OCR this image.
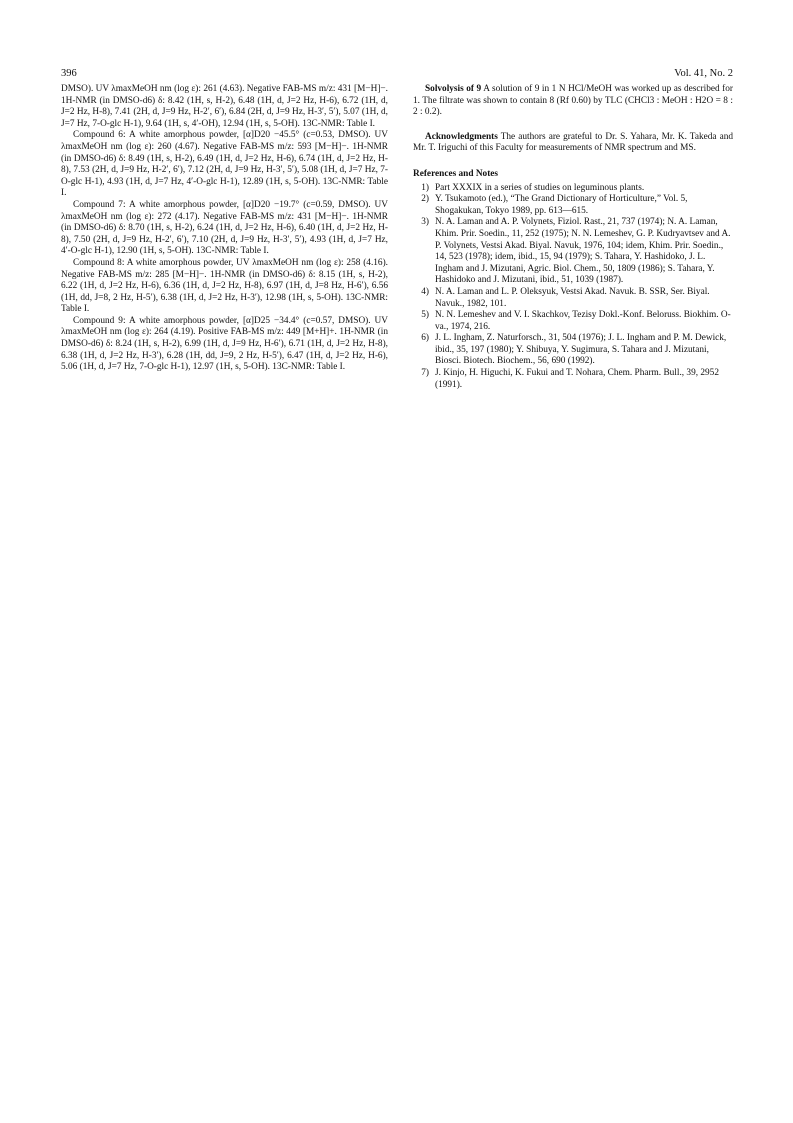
396	Vol. 41, No. 2

DMSO). UV λmaxMeOH nm (log ε): 261 (4.63). Negative FAB-MS m/z: 431 [M−H]−. 1H-NMR (in DMSO-d6) δ: 8.42 (1H, s, H-2), 6.48 (1H, d, J=2 Hz, H-6), 6.72 (1H, d, J=2 Hz, H-8), 7.41 (2H, d, J=9 Hz, H-2′, 6′), 6.84 (2H, d, J=9 Hz, H-3′, 5′), 5.07 (1H, d, J=7 Hz, 7-O-glc H-1), 9.64 (1H, s, 4′-OH), 12.94 (1H, s, 5-OH). 13C-NMR: Table I.

Compound 6: A white amorphous powder, [α]D20 −45.5° (c=0.53, DMSO). UV λmaxMeOH nm (log ε): 260 (4.67). Negative FAB-MS m/z: 593 [M−H]−. 1H-NMR (in DMSO-d6) δ: 8.49 (1H, s, H-2), 6.49 (1H, d, J=2 Hz, H-6), 6.74 (1H, d, J=2 Hz, H-8), 7.53 (2H, d, J=9 Hz, H-2′, 6′), 7.12 (2H, d, J=9 Hz, H-3′, 5′), 5.08 (1H, d, J=7 Hz, 7-O-glc H-1), 4.93 (1H, d, J=7 Hz, 4′-O-glc H-1), 12.89 (1H, s, 5-OH). 13C-NMR: Table I.

Compound 7: A white amorphous powder, [α]D20 −19.7° (c=0.59, DMSO). UV λmaxMeOH nm (log ε): 272 (4.17). Negative FAB-MS m/z: 431 [M−H]−. 1H-NMR (in DMSO-d6) δ: 8.70 (1H, s, H-2), 6.24 (1H, d, J=2 Hz, H-6), 6.40 (1H, d, J=2 Hz, H-8), 7.50 (2H, d, J=9 Hz, H-2′, 6′), 7.10 (2H, d, J=9 Hz, H-3′, 5′), 4.93 (1H, d, J=7 Hz, 4′-O-glc H-1), 12.90 (1H, s, 5-OH). 13C-NMR: Table I.

Compound 8: A white amorphous powder, UV λmaxMeOH nm (log ε): 258 (4.16). Negative FAB-MS m/z: 285 [M−H]−. 1H-NMR (in DMSO-d6) δ: 8.15 (1H, s, H-2), 6.22 (1H, d, J=2 Hz, H-6), 6.36 (1H, d, J=2 Hz, H-8), 6.97 (1H, d, J=8 Hz, H-6′), 6.56 (1H, dd, J=8, 2 Hz, H-5′), 6.38 (1H, d, J=2 Hz, H-3′), 12.98 (1H, s, 5-OH). 13C-NMR: Table I.

Compound 9: A white amorphous powder, [α]D25 −34.4° (c=0.57, DMSO). UV λmaxMeOH nm (log ε): 264 (4.19). Positive FAB-MS m/z: 449 [M+H]+. 1H-NMR (in DMSO-d6) δ: 8.24 (1H, s, H-2), 6.99 (1H, d, J=9 Hz, H-6′), 6.71 (1H, d, J=2 Hz, H-8), 6.38 (1H, d, J=2 Hz, H-3′), 6.28 (1H, dd, J=9, 2 Hz, H-5′), 6.47 (1H, d, J=2 Hz, H-6), 5.06 (1H, d, J=7 Hz, 7-O-glc H-1), 12.97 (1H, s, 5-OH). 13C-NMR: Table I.

Solvolysis of 9 A solution of 9 in 1 N HCl/MeOH was worked up as described for 1. The filtrate was shown to contain 8 (Rf 0.60) by TLC (CHCl3 : MeOH : H2O = 8 : 2 : 0.2).

Acknowledgments The authors are grateful to Dr. S. Yahara, Mr. K. Takeda and Mr. T. Iriguchi of this Faculty for measurements of NMR spectrum and MS.

References and Notes
1) Part XXXIX in a series of studies on leguminous plants.
2) Y. Tsukamoto (ed.), “The Grand Dictionary of Horticulture,” Vol. 5, Shogakukan, Tokyo 1989, pp. 613—615.
3) N. A. Laman and A. P. Volynets, Fiziol. Rast., 21, 737 (1974); N. A. Laman, Khim. Prir. Soedin., 11, 252 (1975); N. N. Lemeshev, G. P. Kudryavtsev and A. P. Volynets, Vestsi Akad. Biyal. Navuk, 1976, 104; idem, Khim. Prir. Soedin., 14, 523 (1978); idem, ibid., 15, 94 (1979); S. Tahara, Y. Hashidoko, J. L. Ingham and J. Mizutani, Agric. Biol. Chem., 50, 1809 (1986); S. Tahara, Y. Hashidoko and J. Mizutani, ibid., 51, 1039 (1987).
4) N. A. Laman and L. P. Oleksyuk, Vestsi Akad. Navuk. B. SSR, Ser. Biyal. Navuk., 1982, 101.
5) N. N. Lemeshev and V. I. Skachkov, Tezisy Dokl.-Konf. Beloruss. Biokhim. O-va., 1974, 216.
6) J. L. Ingham, Z. Naturforsch., 31, 504 (1976); J. L. Ingham and P. M. Dewick, ibid., 35, 197 (1980); Y. Shibuya, Y. Sugimura, S. Tahara and J. Mizutani, Biosci. Biotech. Biochem., 56, 690 (1992).
7) J. Kinjo, H. Higuchi, K. Fukui and T. Nohara, Chem. Pharm. Bull., 39, 2952 (1991).
